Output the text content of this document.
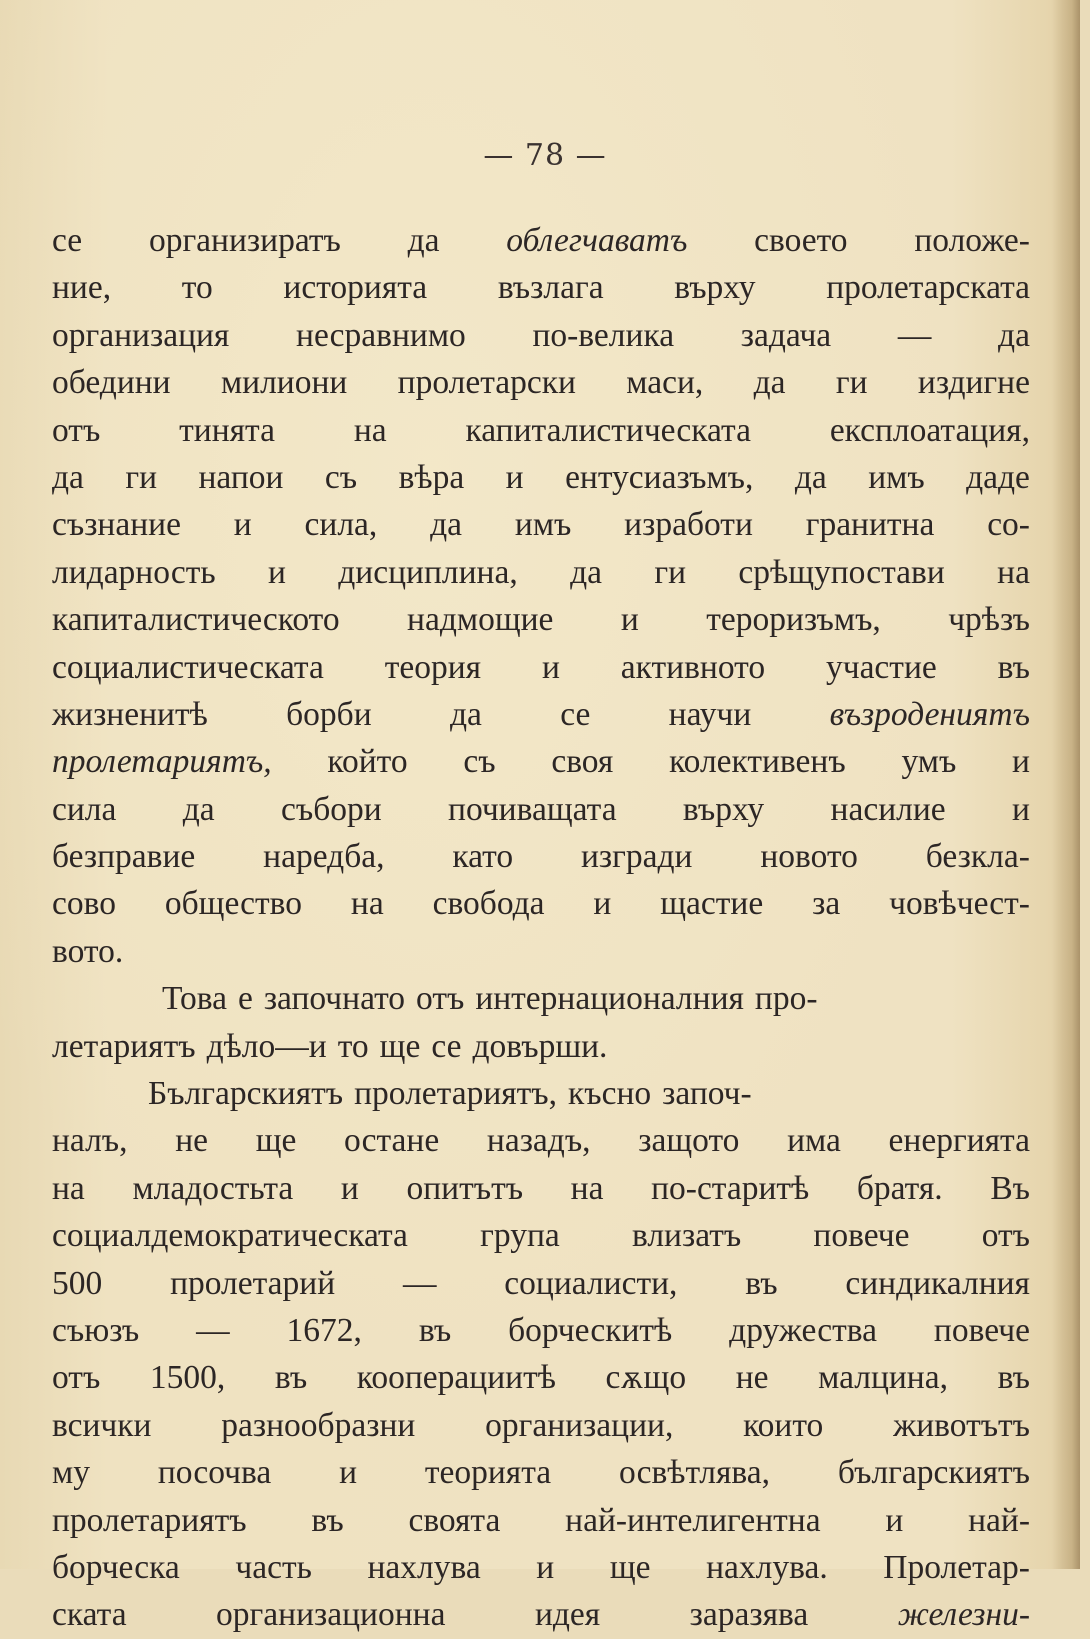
— 78 —
се организиратъ да облегчаватъ своето положе-
ние, то историята възлага върху пролетарската
организация несравнимо по-велика задача — да
обедини милиони пролетарски маси, да ги издигне
отъ тинята на капиталистическата експлоатация,
да ги напои съ вѣра и ентусиазъмъ, да имъ даде
съзнание и сила, да имъ изработи гранитна со-
лидарность и дисциплина, да ги срѣщупостави на
капиталистическото надмощие и тероризъмъ, чрѣзъ
социалистическата теория и активното участие въ
жизненитѣ борби да се научи възродениятъ
пролетариятъ, който съ своя колективенъ умъ и
сила да събори почиващата върху насилие и
безправие наредба, като изгради новото безкла-
сово общество на свобода и щастие за човѣчест-
вото.
Това е започнато отъ интернационалния про-
летариятъ дѣло—и то ще се довърши.
Българскиятъ пролетариятъ, късно започ-
налъ, не ще остане назадъ, защото има енергията
на младостьта и опитътъ на по-старитѣ братя. Въ
социалдемократическата група влизатъ повече отъ
500 пролетарий — социалисти, въ синдикалния
съюзъ — 1672, въ борческитѣ дружества повече
отъ 1500, въ кооперациитѣ сѫщо не малцина, въ
всички разнообразни организации, които животътъ
му посочва и теорията освѣтлява, българскиятъ
пролетариятъ въ своята най-интелигентна и най-
борческа часть нахлува и ще нахлува. Пролетар-
ската	организационна	идея	заразява	железни-
